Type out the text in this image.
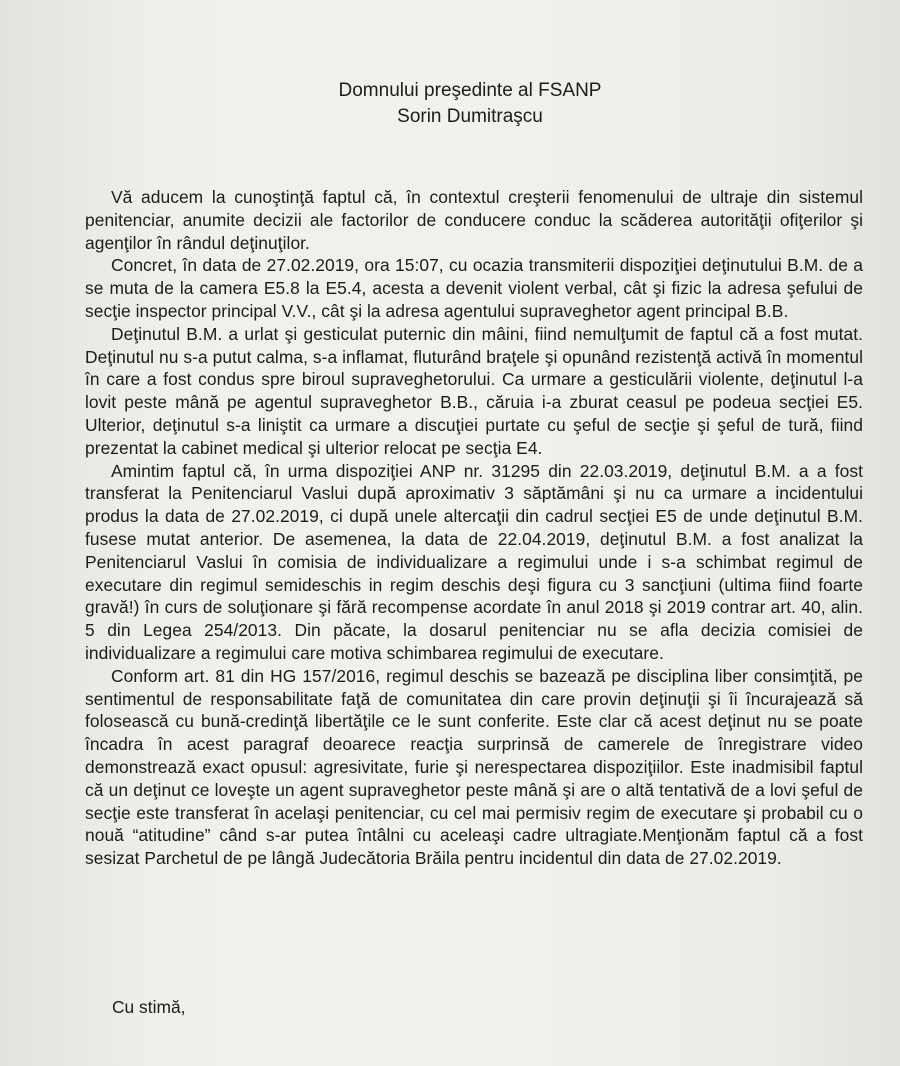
Domnului preşedinte al FSANP
Sorin Dumitraşcu

Vă aducem la cunoştinţă faptul că, în contextul creşterii fenomenului de ultraje din sistemul penitenciar, anumite decizii ale factorilor de conducere conduc la scăderea autorităţii ofiţerilor şi agenţilor în rândul deţinuţilor.

Concret, în data de 27.02.2019, ora 15:07, cu ocazia transmiterii dispoziţiei deţinutului B.M. de a se muta de la camera E5.8 la E5.4, acesta a devenit violent verbal, cât şi fizic la adresa şefului de secţie inspector principal V.V., cât şi la adresa agentului supraveghetor agent principal B.B.

Deţinutul B.M. a urlat şi gesticulat puternic din mâini, fiind nemulţumit de faptul că a fost mutat. Deţinutul nu s-a putut calma, s-a inflamat, fluturând braţele şi opunând rezistenţă activă în momentul în care a fost condus spre biroul supraveghetorului. Ca urmare a gesticulării violente, deţinutul l-a lovit peste mână pe agentul supraveghetor B.B., căruia i-a zburat ceasul pe podeua secţiei E5. Ulterior, deţinutul s-a liniştit ca urmare a discuţiei purtate cu şeful de secţie şi şeful de tură, fiind prezentat la cabinet medical şi ulterior relocat pe secţia E4.

Amintim faptul că, în urma dispoziţiei ANP nr. 31295 din 22.03.2019, deţinutul B.M. a a fost transferat la Penitenciarul Vaslui după aproximativ 3 săptămâni şi nu ca urmare a incidentului produs la data de 27.02.2019, ci după unele altercaţii din cadrul secţiei E5 de unde deţinutul B.M. fusese mutat anterior. De asemenea, la data de 22.04.2019, deţinutul B.M. a fost analizat la Penitenciarul Vaslui în comisia de individualizare a regimului unde i s-a schimbat regimul de executare din regimul semideschis in regim deschis deşi figura cu 3 sancţiuni (ultima fiind foarte gravă!) în curs de soluţionare şi fără recompense acordate în anul 2018 şi 2019 contrar art. 40, alin. 5 din Legea 254/2013. Din păcate, la dosarul penitenciar nu se afla decizia comisiei de individualizare a regimului care motiva schimbarea regimului de executare.

Conform art. 81 din HG 157/2016, regimul deschis se bazează pe disciplina liber consimţită, pe sentimentul de responsabilitate faţă de comunitatea din care provin deţinuţii şi îi încurajează să folosească cu bună-credinţă libertăţile ce le sunt conferite. Este clar că acest deţinut nu se poate încadra în acest paragraf deoarece reacţia surprinsă de camerele de înregistrare video demonstrează exact opusul: agresivitate, furie şi nerespectarea dispoziţiilor. Este inadmisibil faptul că un deţinut ce loveşte un agent supraveghetor peste mână şi are o altă tentativă de a lovi şeful de secţie este transferat în acelaşi penitenciar, cu cel mai permisiv regim de executare şi probabil cu o nouă “atitudine” când s-ar putea întâlni cu aceleaşi cadre ultragiate.Menţionăm faptul că a fost sesizat Parchetul de pe lângă Judecătoria Brăila pentru incidentul din data de 27.02.2019.

Cu stimă,
